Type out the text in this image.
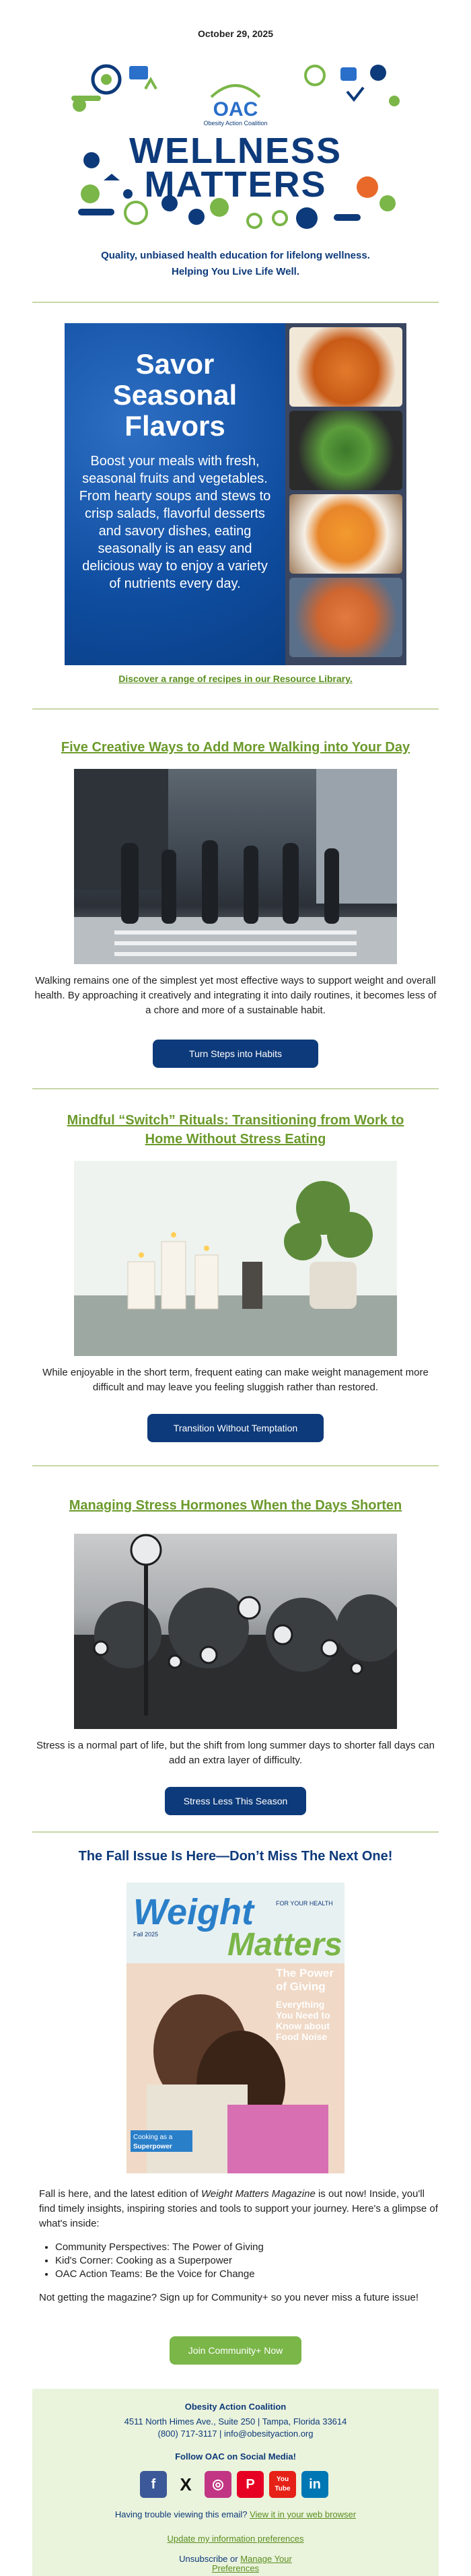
October 29, 2025
OAC
Obesity Action Coalition
WELLNESS
MATTERS
Quality, unbiased health education for lifelong wellness.
Helping You Live Life Well.
Savor
Seasonal
Flavors
Boost your meals with fresh, seasonal fruits and vegetables. From hearty soups and stews to crisp salads, flavorful desserts and savory dishes, eating seasonally is an easy and delicious way to enjoy a variety of nutrients every day.
Discover a range of recipes in our Resource Library.
Five Creative Ways to Add More Walking into Your Day
Walking remains one of the simplest yet most effective ways to support weight and overall health. By approaching it creatively and integrating it into daily routines, it becomes less of a chore and more of a sustainable habit.
Turn Steps into Habits
Mindful “Switch” Rituals: Transitioning from Work to
Home Without Stress Eating
While enjoyable in the short term, frequent eating can make weight management more difficult and may leave you feeling sluggish rather than restored.
Transition Without Temptation
Managing Stress Hormones When the Days Shorten
Stress is a normal part of life, but the shift from long summer days to shorter fall days can add an extra layer of difficulty.
Stress Less This Season
The Fall Issue Is Here—Don’t Miss The Next One!
Weight
Matters
FOR YOUR HEALTH
Fall 2025
The Power
of Giving
Everything
You Need to
Know about
Food Noise
Cooking as a
Superpower
Fall is here, and the latest edition of Weight Matters Magazine is out now! Inside, you'll find timely insights, inspiring stories and tools to support your journey. Here's a glimpse of what's inside:
• Community Perspectives: The Power of Giving
• Kid's Corner: Cooking as a Superpower
• OAC Action Teams: Be the Voice for Change
Not getting the magazine? Sign up for Community+ so you never miss a future issue!
Join Community+ Now
Obesity Action Coalition
4511 North Himes Ave., Suite 250 | Tampa, Florida 33614
(800) 717-3117 | info@obesityaction.org
Follow OAC on Social Media!
f	X	◎	P	You Tube	in
Having trouble viewing this email? View it in your web browser
Update my information preferences
Unsubscribe or Manage Your
Preferences
